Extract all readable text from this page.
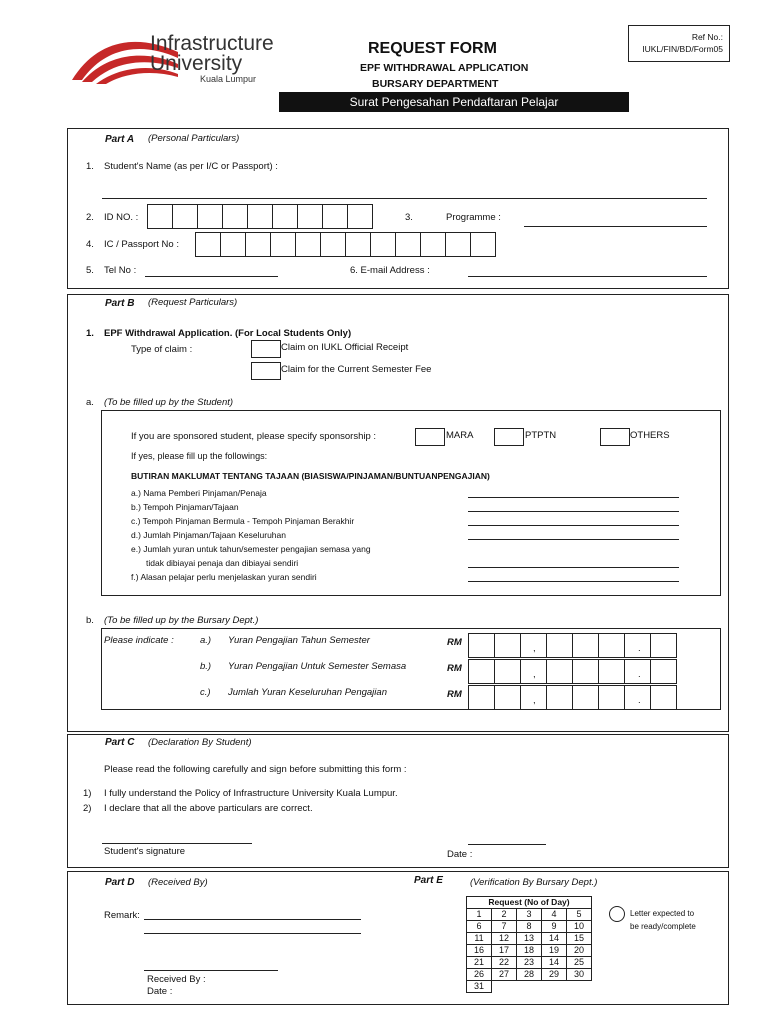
Infrastructure
University
Kuala Lumpur
REQUEST FORM
EPF WITHDRAWAL APPLICATION
BURSARY DEPARTMENT
Ref No.:
IUKL/FIN/BD/Form05
Surat Pengesahan Pendaftaran Pelajar
Part A (Personal Particulars)
1. Student's Name (as per I/C or Passport) :
2. ID NO. :	3.	Programme :
4. IC / Passport No :
5. Tel No :	6. E-mail Address :
Part B (Request Particulars)
1. EPF Withdrawal Application. (For Local Students Only)
Type of claim :	Claim on IUKL Official Receipt
Claim for the Current Semester Fee
a. (To be filled up by the Student)
If you are sponsored student, please specify sponsorship :	MARA	PTPTN	OTHERS
If yes, please fill up the followings:
BUTIRAN MAKLUMAT TENTANG TAJAAN (BIASISWA/PINJAMAN/BUNTUANPENGAJIAN)
a.) Nama Pemberi Pinjaman/Penaja
b.) Tempoh Pinjaman/Tajaan
c.) Tempoh Pinjaman Bermula - Tempoh Pinjaman Berakhir
d.) Jumlah Pinjaman/Tajaan Keseluruhan
e.) Jumlah yuran untuk tahun/semester pengajian semasa yang
tidak dibiayai penaja dan dibiayai sendiri
f.) Alasan pelajar perlu menjelaskan yuran sendiri
b. (To be filled up by the Bursary Dept.)
Please indicate :	a.) Yuran Pengajian Tahun Semester	RM
,	.
b.) Yuran Pengajian Untuk Semester Semasa	RM
,	.
c.) Jumlah Yuran Keseluruhan Pengajian	RM
,	.
Part C (Declaration By Student)
Please read the following carefully and sign before submitting this form :
1) I fully understand the Policy of Infrastructure University Kuala Lumpur.
2) I declare that all the above particulars are correct.
Student's signature	Date :
Part D (Received By)
Remark:
Received By :
Date :
Part E	(Verification By Bursary Dept.)
Request (No of Day)				
1	2	3	4	5
6	7	8	9	10
11	12	13	14	15
16	17	18	19	20
21	22	23	14	25
26	27	28	29	30
31				
Letter expected to
be ready/complete
